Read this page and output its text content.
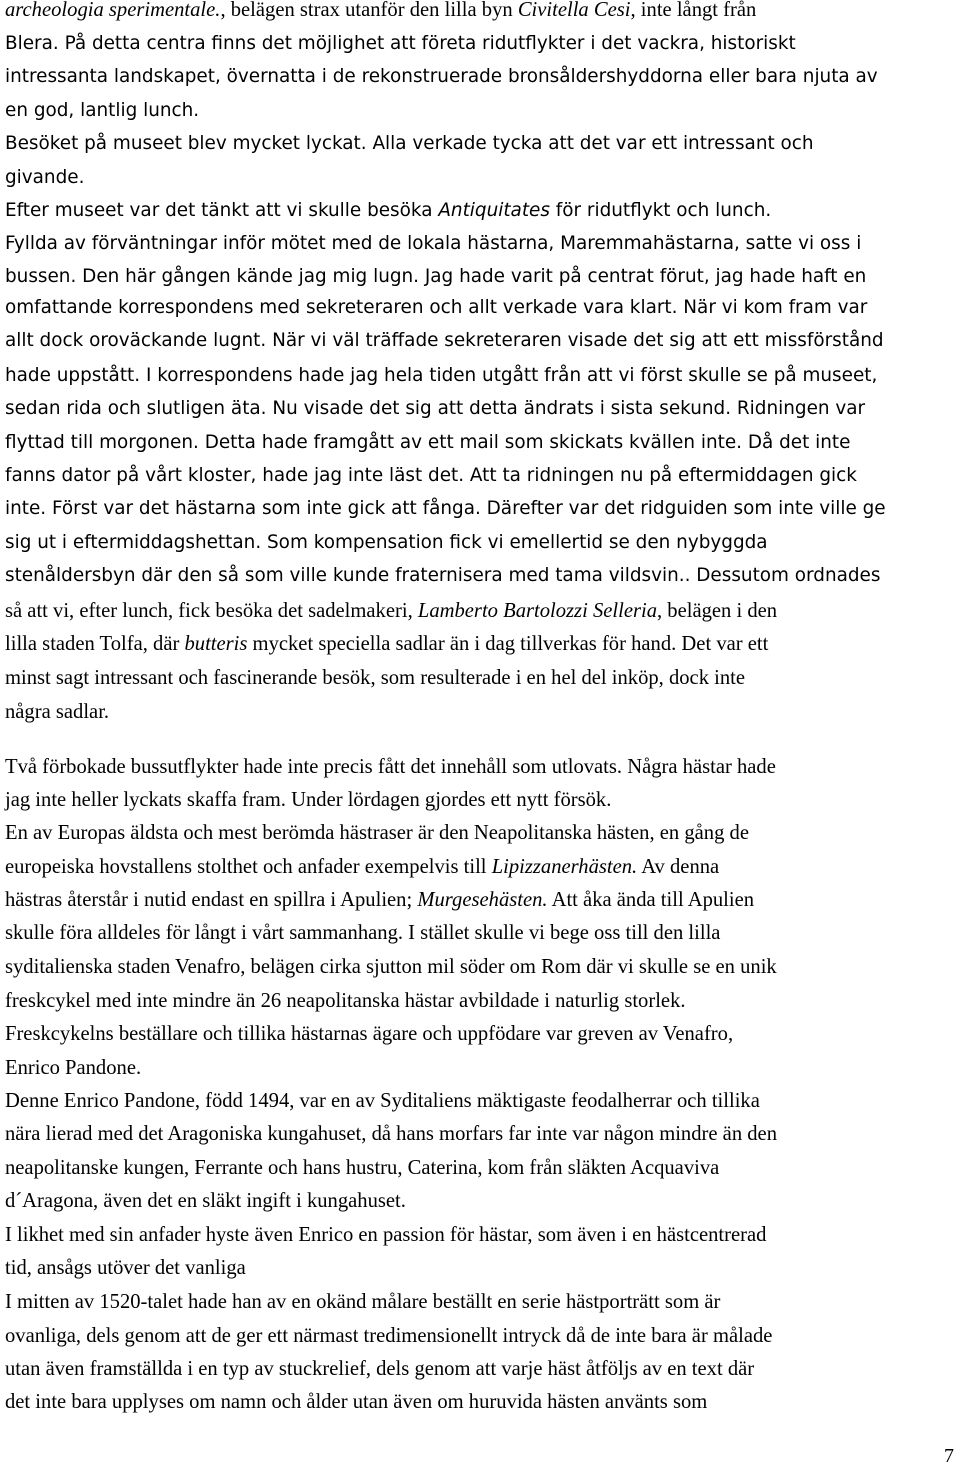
archeologia sperimentale., belägen strax utanför den lilla byn Civitella Cesi, inte långt från
Blera. På detta centra finns det möjlighet att företa ridutflykter i det vackra, historiskt
intressanta landskapet, övernatta i de rekonstruerade bronsåldershyddorna eller bara njuta av
en god, lantlig lunch.
Besöket på museet blev mycket lyckat. Alla verkade tycka att det var ett intressant och
givande.
Efter museet var det tänkt att vi skulle besöka Antiquitates för ridutflykt och lunch.
Fyllda av förväntningar inför mötet med de lokala hästarna, Maremmahästarna, satte vi oss i
bussen. Den här gången kände jag mig lugn. Jag hade varit på centrat förut, jag hade haft en
omfattande korrespondens med sekreteraren och allt verkade vara klart. När vi kom fram var
allt dock oroväckande lugnt. När vi väl träffade sekreteraren visade det sig att ett missförstånd
hade uppstått. I korrespondens hade jag hela tiden utgått från att vi först skulle se på museet,
sedan rida och slutligen äta. Nu visade det sig att detta ändrats i sista sekund. Ridningen var
flyttad till morgonen. Detta hade framgått av ett mail som skickats kvällen inte. Då det inte
fanns dator på vårt kloster, hade jag inte läst det. Att ta ridningen nu på eftermiddagen gick
inte. Först var det hästarna som inte gick att fånga. Därefter var det ridguiden som inte ville ge
sig ut i eftermiddagshettan. Som kompensation fick vi emellertid se den nybyggda
stenåldersbyn där den så som ville kunde fraternisera med tama vildsvin.. Dessutom ordnades
så att vi, efter lunch, fick besöka det sadelmakeri, Lamberto Bartolozzi Selleria, belägen i den
lilla staden Tolfa, där butteris mycket speciella sadlar än i dag tillverkas för hand. Det var ett
minst sagt intressant och fascinerande besök, som resulterade i en hel del inköp, dock inte
några sadlar.
Två förbokade bussutflykter hade inte precis fått det innehåll som utlovats. Några hästar hade
jag inte heller lyckats skaffa fram. Under lördagen gjordes ett nytt försök.
En av Europas äldsta och mest berömda hästraser är den Neapolitanska hästen, en gång de
europeiska hovstallens stolthet och anfader exempelvis till Lipizzanerhästen. Av denna
hästras återstår i nutid endast en spillra i Apulien; Murgesehästen. Att åka ända till Apulien
skulle föra alldeles för långt i vårt sammanhang. I stället skulle vi bege oss till den lilla
syditalienska staden Venafro, belägen cirka sjutton mil söder om Rom där vi skulle se en unik
freskcykel med inte mindre än 26 neapolitanska hästar avbildade i naturlig storlek.
Freskcykelns beställare och tillika hästarnas ägare och uppfödare var greven av Venafro,
Enrico Pandone.
Denne Enrico Pandone, född 1494, var en av Syditaliens mäktigaste feodalherrar och tillika
nära lierad med det Aragoniska kungahuset, då hans morfars far inte var någon mindre än den
neapolitanske kungen, Ferrante och hans hustru, Caterina, kom från släkten Acquaviva
d´Aragona, även det en släkt ingift i kungahuset.
I likhet med sin anfader hyste även Enrico en passion för hästar, som även i en hästcentrerad
tid, ansågs utöver det vanliga
I mitten av 1520-talet hade han av en okänd målare beställt en serie hästporträtt som är
ovanliga, dels genom att de ger ett närmast tredimensionellt intryck då de inte bara är målade
utan även framställda i en typ av stuckrelief, dels genom att varje häst åtföljs av en text där
det inte bara upplyses om namn och ålder utan även om huruvida hästen använts som
7
